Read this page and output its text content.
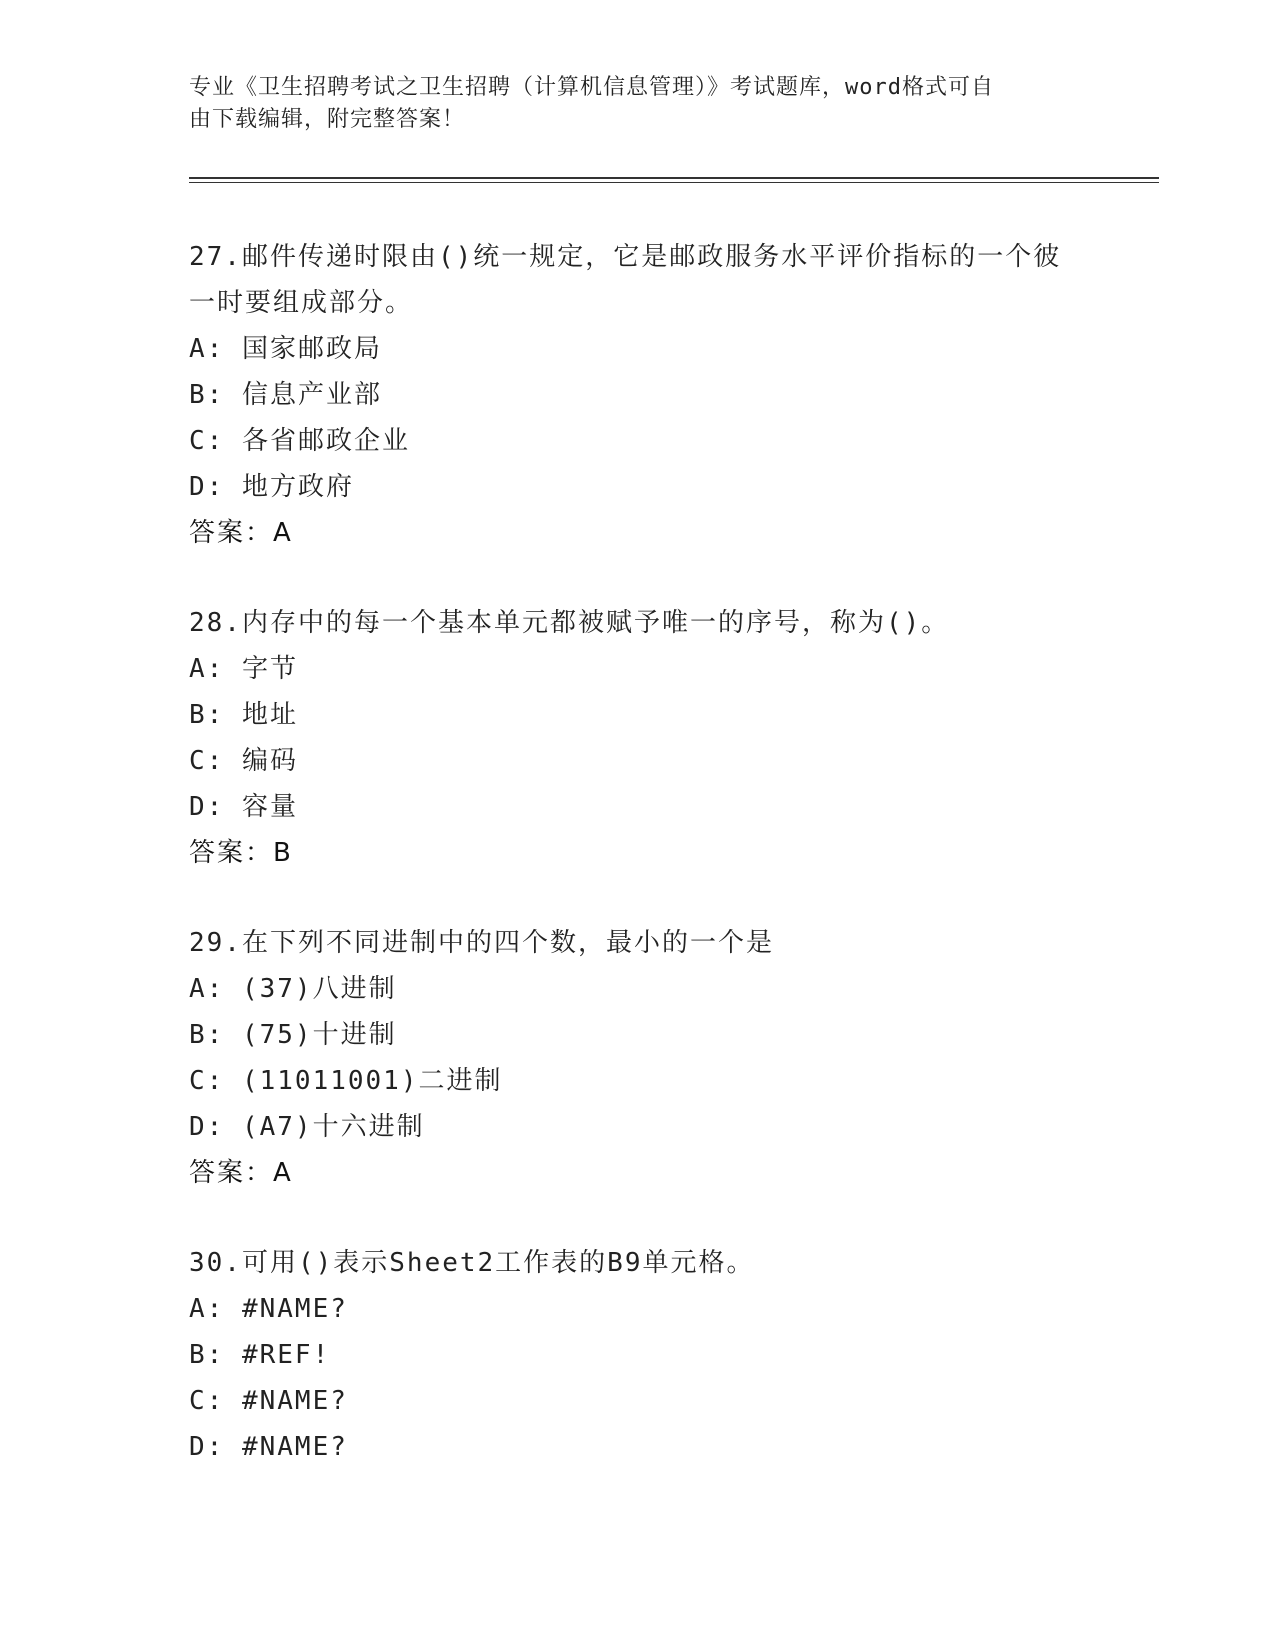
专业《卫生招聘考试之卫生招聘（计算机信息管理）》考试题库，word格式可自
由下载编辑，附完整答案！

27.邮件传递时限由()统一规定，它是邮政服务水平评价指标的一个彼

一时要组成部分。

A: 国家邮政局

B: 信息产业部

C: 各省邮政企业

D: 地方政府

答案：A

28.内存中的每一个基本单元都被赋予唯一的序号，称为()。

A: 字节

B: 地址

C: 编码

D: 容量

答案：B

29.在下列不同进制中的四个数，最小的一个是

A: (37)八进制

B: (75)十进制

C: (11011001)二进制

D: (A7)十六进制

答案：A

30.可用()表示Sheet2工作表的B9单元格。

A: #NAME?

B: #REF!

C: #NAME?

D: #NAME?
